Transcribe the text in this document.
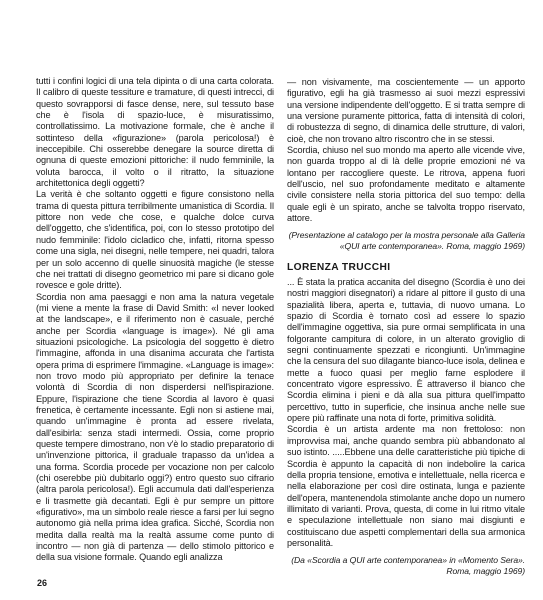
tutti i confini logici di una tela dipinta o di una carta colorata. Il calibro di queste tessiture e tramature, di questi intrecci, di questo sovrapporsi di fasce dense, nere, sul tessuto base che è l'isola di spazio-luce, è misuratissimo, controllatissimo. La motivazione formale, che è anche il sottinteso della «figurazione» (parola pericolosa!) è ineccepibile. Chi osserebbe denegare la source diretta di ognuna di queste emozioni pittoriche: il nudo femminile, la voluta barocca, il volto o il ritratto, la situazione architettonica degli oggetti?

La verità è che soltanto oggetti e figure consistono nella trama di questa pittura terribilmente umanistica di Scordia. Il pittore non vede che cose, e qualche dolce curva dell'oggetto, che s'identifica, poi, con lo stesso prototipo del nudo femminile: l'idolo cicladico che, infatti, ritorna spesso come una sigla, nei disegni, nelle tempere, nei quadri, talora per un solo accenno di quelle sinuosità magiche (le stesse che nei trattati di disegno geometrico mi pare si dicano gole rovesce e gole dritte).

Scordia non ama paesaggi e non ama la natura vegetale (mi viene a mente la frase di David Smith: «I never looked at the landscape», e il riferimento non è casuale, perché anche per Scordia «language is image»). Né gli ama situazioni psicologiche. La psicologia del soggetto è dietro l'immagine, affonda in una disanima accurata che l'artista opera prima di esprimere l'immagine. «Language is image»: non trovo modo più appropriato per definire la tenace volontà di Scordia di non disperdersi nell'ispirazione. Eppure, l'ispirazione che tiene Scordia al lavoro è quasi frenetica, è certamente incessante. Egli non si astiene mai, quando un'immagine è pronta ad essere rivelata, dall'esibirla: senza stadi intermedi. Ossia, come proprio queste tempere dimostrano, non v'è lo stadio preparatorio di un'invenzione pittorica, il graduale trapasso da un'idea a una forma. Scordia procede per vocazione non per calcolo (chi oserebbe più dubitarlo oggi?) entro questo suo cifrario (altra parola pericolosa!). Egli accumula dati dall'esperienza e li trasmette già decantati. Egli è pur sempre un pittore «figurativo», ma un simbolo reale riesce a farsi per lui segno autonomo già nella prima idea grafica. Sicché, Scordia non medita dalla realtà ma la realtà assume come punto di incontro — non già di partenza — dello stimolo pittorico e della sua visione formale. Quando egli analizza

— non visivamente, ma coscientemente — un apporto figurativo, egli ha già trasmesso ai suoi mezzi espressivi una versione indipendente dell'oggetto. E si tratta sempre di una versione puramente pittorica, fatta di intensità di colori, di robustezza di segno, di dinamica delle strutture, di valori, cioè, che non trovano altro riscontro che in se stessi.

Scordia, chiuso nel suo mondo ma aperto alle vicende vive, non guarda troppo al di là delle proprie emozioni né va lontano per raccogliere queste. Le ritrova, appena fuori dell'uscio, nel suo profondamente meditato e altamente civile consistere nella storia pittorica del suo tempo: della quale egli è un spirato, anche se talvolta troppo riservato, attore.

(Presentazione al catalogo per la mostra personale alla Galleria «QUI arte contemporanea». Roma, maggio 1969)

LORENZA TRUCCHI

... È stata la pratica accanita del disegno (Scordia è uno dei nostri maggiori disegnatori) a ridare al pittore il gusto di una spazialità libera, aperta e, tuttavia, di nuovo umana. Lo spazio di Scordia è tornato così ad essere lo spazio dell'immagine oggettiva, sia pure ormai semplificata in una folgorante campitura di colore, in un alterato groviglio di segni continuamente spezzati e ricongiunti. Un'immagine che la censura del suo dilagante bianco-luce isola, delinea e mette a fuoco quasi per meglio farne esplodere il concentrato vigore espressivo. È attraverso il bianco che Scordia elimina i pieni e dà alla sua pittura quell'impatto percettivo, tutto in superficie, che insinua anche nelle sue opere più raffinate una nota di forte, primitiva solidità.

Scordia è un artista ardente ma non frettoloso: non improvvisa mai, anche quando sembra più abbandonato al suo istinto. .....Ebbene una delle caratteristiche più tipiche di Scordia è appunto la capacità di non indebolire la carica della propria tensione, emotiva e intellettuale, nella ricerca e nella elaborazione per così dire ostinata, lunga e paziente dell'opera, mantenendola stimolante anche dopo un numero illimitato di varianti. Prova, questa, di come in lui ritmo vitale e speculazione intellettuale non siano mai disgiunti e costituiscano due aspetti complementari della sua armonica personalità.

(Da «Scordia a QUI arte contemporanea» in «Momento Sera». Roma, maggio 1969)

26
